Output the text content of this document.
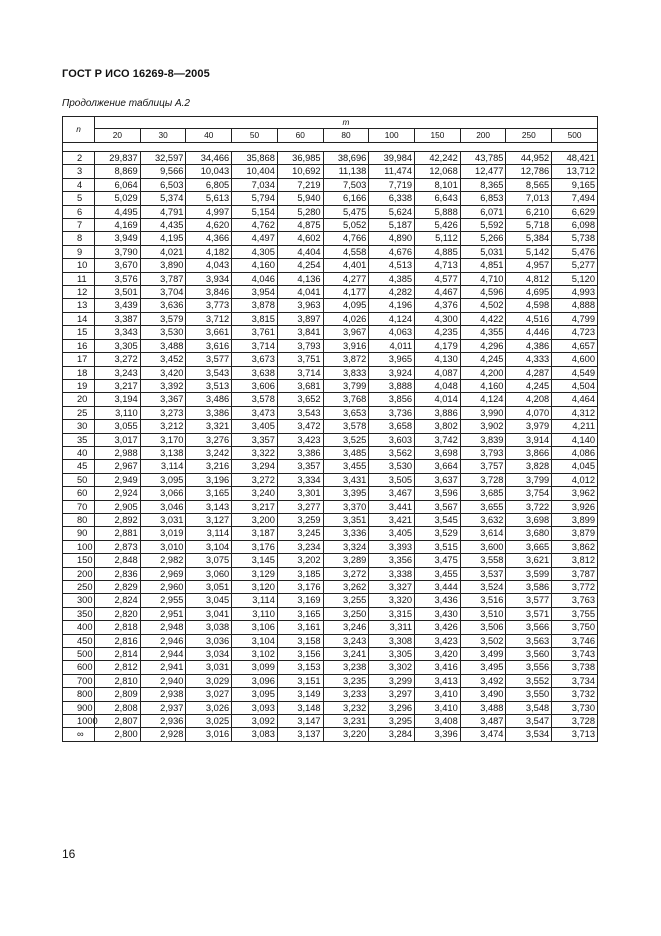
ГОСТ Р ИСО 16269-8—2005
Продолжение таблицы А.2
n	m										
	20	30	40	50	60	80	100	150	200	250	500

2	29,837	32,597	34,466	35,868	36,985	38,696	39,984	42,242	43,785	44,952	48,421
3	8,869	9,566	10,043	10,404	10,692	11,138	11,474	12,068	12,477	12,786	13,712
4	6,064	6,503	6,805	7,034	7,219	7,503	7,719	8,101	8,365	8,565	9,165
5	5,029	5,374	5,613	5,794	5,940	6,166	6,338	6,643	6,853	7,013	7,494
6	4,495	4,791	4,997	5,154	5,280	5,475	5,624	5,888	6,071	6,210	6,629
7	4,169	4,435	4,620	4,762	4,875	5,052	5,187	5,426	5,592	5,718	6,098
8	3,949	4,195	4,366	4,497	4,602	4,766	4,890	5,112	5,266	5,384	5,738
9	3,790	4,021	4,182	4,305	4,404	4,558	4,676	4,885	5,031	5,142	5,476
10	3,670	3,890	4,043	4,160	4,254	4,401	4,513	4,713	4,851	4,957	5,277
11	3,576	3,787	3,934	4,046	4,136	4,277	4,385	4,577	4,710	4,812	5,120
12	3,501	3,704	3,846	3,954	4,041	4,177	4,282	4,467	4,596	4,695	4,993
13	3,439	3,636	3,773	3,878	3,963	4,095	4,196	4,376	4,502	4,598	4,888
14	3,387	3,579	3,712	3,815	3,897	4,026	4,124	4,300	4,422	4,516	4,799
15	3,343	3,530	3,661	3,761	3,841	3,967	4,063	4,235	4,355	4,446	4,723
16	3,305	3,488	3,616	3,714	3,793	3,916	4,011	4,179	4,296	4,386	4,657
17	3,272	3,452	3,577	3,673	3,751	3,872	3,965	4,130	4,245	4,333	4,600
18	3,243	3,420	3,543	3,638	3,714	3,833	3,924	4,087	4,200	4,287	4,549
19	3,217	3,392	3,513	3,606	3,681	3,799	3,888	4,048	4,160	4,245	4,504
20	3,194	3,367	3,486	3,578	3,652	3,768	3,856	4,014	4,124	4,208	4,464
25	3,110	3,273	3,386	3,473	3,543	3,653	3,736	3,886	3,990	4,070	4,312
30	3,055	3,212	3,321	3,405	3,472	3,578	3,658	3,802	3,902	3,979	4,211
35	3,017	3,170	3,276	3,357	3,423	3,525	3,603	3,742	3,839	3,914	4,140
40	2,988	3,138	3,242	3,322	3,386	3,485	3,562	3,698	3,793	3,866	4,086
45	2,967	3,114	3,216	3,294	3,357	3,455	3,530	3,664	3,757	3,828	4,045
50	2,949	3,095	3,196	3,272	3,334	3,431	3,505	3,637	3,728	3,799	4,012
60	2,924	3,066	3,165	3,240	3,301	3,395	3,467	3,596	3,685	3,754	3,962
70	2,905	3,046	3,143	3,217	3,277	3,370	3,441	3,567	3,655	3,722	3,926
80	2,892	3,031	3,127	3,200	3,259	3,351	3,421	3,545	3,632	3,698	3,899
90	2,881	3,019	3,114	3,187	3,245	3,336	3,405	3,529	3,614	3,680	3,879
100	2,873	3,010	3,104	3,176	3,234	3,324	3,393	3,515	3,600	3,665	3,862
150	2,848	2,982	3,075	3,145	3,202	3,289	3,356	3,475	3,558	3,621	3,812
200	2,836	2,969	3,060	3,129	3,185	3,272	3,338	3,455	3,537	3,599	3,787
250	2,829	2,960	3,051	3,120	3,176	3,262	3,327	3,444	3,524	3,586	3,772
300	2,824	2,955	3,045	3,114	3,169	3,255	3,320	3,436	3,516	3,577	3,763
350	2,820	2,951	3,041	3,110	3,165	3,250	3,315	3,430	3,510	3,571	3,755
400	2,818	2,948	3,038	3,106	3,161	3,246	3,311	3,426	3,506	3,566	3,750
450	2,816	2,946	3,036	3,104	3,158	3,243	3,308	3,423	3,502	3,563	3,746
500	2,814	2,944	3,034	3,102	3,156	3,241	3,305	3,420	3,499	3,560	3,743
600	2,812	2,941	3,031	3,099	3,153	3,238	3,302	3,416	3,495	3,556	3,738
700	2,810	2,940	3,029	3,096	3,151	3,235	3,299	3,413	3,492	3,552	3,734
800	2,809	2,938	3,027	3,095	3,149	3,233	3,297	3,410	3,490	3,550	3,732
900	2,808	2,937	3,026	3,093	3,148	3,232	3,296	3,410	3,488	3,548	3,730
1000	2,807	2,936	3,025	3,092	3,147	3,231	3,295	3,408	3,487	3,547	3,728
∞	2,800	2,928	3,016	3,083	3,137	3,220	3,284	3,396	3,474	3,534	3,713
16
